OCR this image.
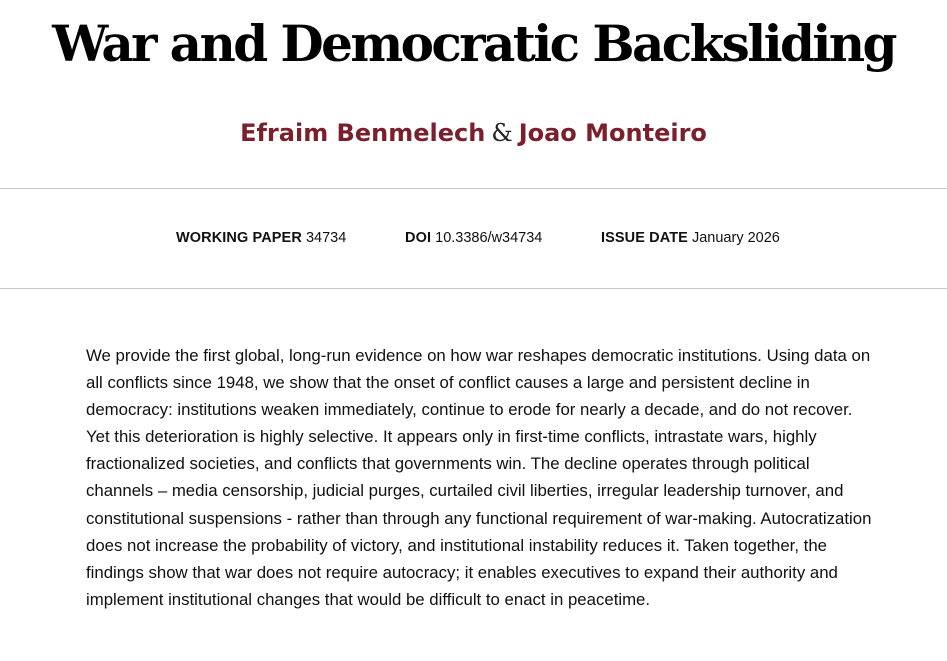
War and Democratic Backsliding
Efraim Benmelech & Joao Monteiro
WORKING PAPER 34734	DOI 10.3386/w34734	ISSUE DATE January 2026

We provide the first global, long-run evidence on how war reshapes democratic institutions. Using data on all conflicts since 1948, we show that the onset of conflict causes a large and persistent decline in democracy: institutions weaken immediately, continue to erode for nearly a decade, and do not recover. Yet this deterioration is highly selective. It appears only in first-time conflicts, intrastate wars, highly fractionalized societies, and conflicts that governments win. The decline operates through political channels – media censorship, judicial purges, curtailed civil liberties, irregular leadership turnover, and constitutional suspensions - rather than through any functional requirement of war-making. Autocratization does not increase the probability of victory, and institutional instability reduces it. Taken together, the findings show that war does not require autocracy; it enables executives to expand their authority and implement institutional changes that would be difficult to enact in peacetime.
